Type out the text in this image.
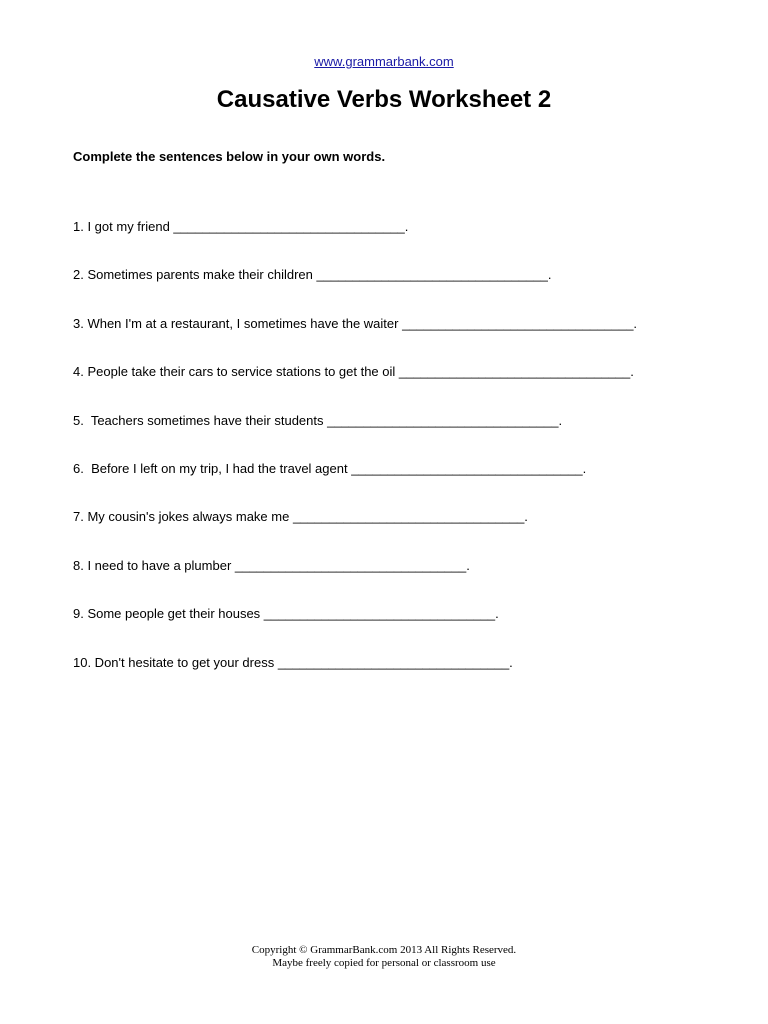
www.grammarbank.com
Causative Verbs Worksheet 2

Complete the sentences below in your own words.

1. I got my friend ________________________________.
2. Sometimes parents make their children ________________________________.
3. When I'm at a restaurant, I sometimes have the waiter ________________________________.
4. People take their cars to service stations to get the oil ________________________________.
5.  Teachers sometimes have their students ________________________________.
6.  Before I left on my trip, I had the travel agent ________________________________.
7. My cousin's jokes always make me ________________________________.
8. I need to have a plumber ________________________________.
9. Some people get their houses ________________________________.
10. Don't hesitate to get your dress ________________________________.
Copyright © GrammarBank.com 2013 All Rights Reserved.
Maybe freely copied for personal or classroom use
